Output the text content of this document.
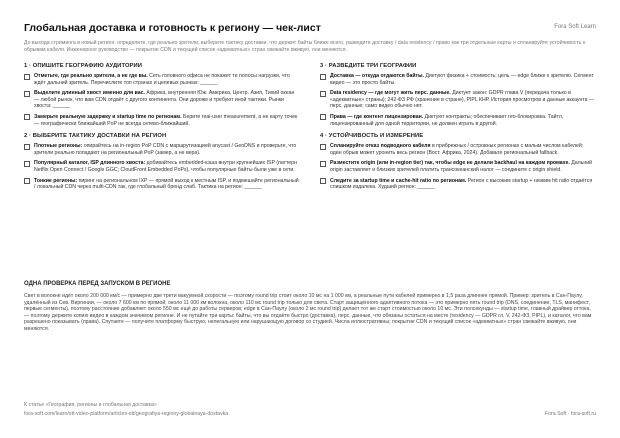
Глобальная доставка и готовность к региону — чек-лист	Fora Soft Learn
До выхода стриминга в новый регион: определите, где реально зрители, выберите тактику доставки, что держит байты ближе всего, разведите доставку / data residency / право как три отдельные карты и спланируйте устойчивость к обрывам кабеля. Инженерное руководство — покрытие CDN и текущий список «адекватных» стран свежайте вживую, они меняются.
1 · ОПИШИТЕ ГЕОГРАФИЮ АУДИТОРИИ
Отметьте, где реально зрители, а не где вы. Сеть головного офиса не покажет те полосы нагрузки, что ждёт дальний зритель. Перечислите топ странах и целевых рынках: ______
Выделите длинный хвост именно для вас. Африка, внутренняя Юж. Америка, Центр. Азия, Тихий океан — любой рынок, что вам CDN отдаёт с другого континента. Они дороже и требуют иной тактики. Рынки хвоста: ______
Замерьте реальную задержку и startup time по регионам. Берите real-user measurement, а не карту точек — географически ближайший PoP не всегда сетево-ближайший.
2 · ВЫБЕРИТЕ ТАКТИКУ ДОСТАВКИ НА РЕГИОН
Плотные регионы: опирайтесь на in-region PoP CDN с маршрутизацией anycast / GeoDNS и проверьте, что зрители реально попадают на региональный PoP (замер, а не вера).
Популярный каталог, ISP длинного хвоста: добивайтесь embedded-кэша внутри крупнейших ISP (паттерн Netflix Open Connect / Google GGC; CloudFront Embedded PoPs), чтобы популярные байты были уже в сети.
Тонкие регионы: пиринг на региональном IXP — прямой выход к местным ISP, и подмешайте региональный / локальный CDN через multi-CDN так, где глобальный бренд слаб. Тактика на регион: ______
3 · РАЗВЕДИТЕ ТРИ ГЕОГРАФИИ
Доставка — откуда отдаются байты. Диктуют физика + стоимость; цель — edge ближе к зрителю. Сегмент видео — это просто байты.
Data residency — где могут жить перс. данные. Диктует закон: GDPR глава V (передача только в «адекватные» страны); 242-ФЗ РФ (хранение в стране), PIPL КНР. История просмотров и данные аккаунта — перс. данные; само видео обычно нет.
Права — где контент лицензирован. Диктуют контракты; обеспечивает гео-блокировка. Тайтл, лицензированный для одной территории, не должен играть в другой.
4 · УСТОЙЧИВОСТЬ И ИЗМЕРЕНИЕ
Спланируйте отказ подводного кабеля в прибрежных / островных регионах с малым числом кабелей; один обрыв может уронить весь регион (Вост. Африка, 2024). Добавьте региональный fallback.
Разместите origin (или in-region tier) так, чтобы edge не делали backhaul на каждом промахе. Дальний origin заставляет и близких зрителей платить трансокеанский налог — соедините с origin shield.
Следите за startup time и cache-hit ratio по регионам. Регион с высоким startup + низким hit ratio отдаётся слишком издалека. Худший регион: ______
ОДНА ПРОВЕРКА ПЕРЕД ЗАПУСКОМ В РЕГИОНЕ
Свет в волокне идёт около 200 000 км/с — примерно две трети вакуумной скорости — поэтому round trip стоит около 10 мс на 1 000 км, а реальные пути кабелей примерно в 1,5 раза длиннее прямой. Пример: зритель в Сан-Паулу, удалённый из Сев. Виргинии, — около 7 600 км по прямой, около 11 000 км волокна, около 110 мс round trip только для света. Старт защищённого адаптивного потока — это примерно пять round trip (DNS, соединение, TLS, манифест, первые сегменты), поэтому расстояние добавляет около 550 мс ещё до работы серверов; edge в Сан-Паулу (около 2 мс round trip) делает тот же старт стоимостью около 10 мс. Эти полсекунды — startup time, главный драйвер оттока, — поэтому держите копию видео в каждом значимом регионе. И не путайте три карты: байты, что вы отдаёте быстро (доставка), перс. данные, что обязаны остаться на месте (residency — GDPR гл. V, 242-ФЗ, PIPL), и каталог, что вам разрешено показывать (права). Спутаете — получите платформу быструю, нелегальную или нарушающую договор со студией. Числа иллюстративны; покрытие CDN и текущий список «адекватных» стран свежайте вживую, они меняются.
К статье «География, регионы и глобальная доставка»
fora-soft.com/learn/ott-video-platform/articles-ott/geografiya-regiony-globalnaya-dostavka	Fora Soft · fora-soft.ru
